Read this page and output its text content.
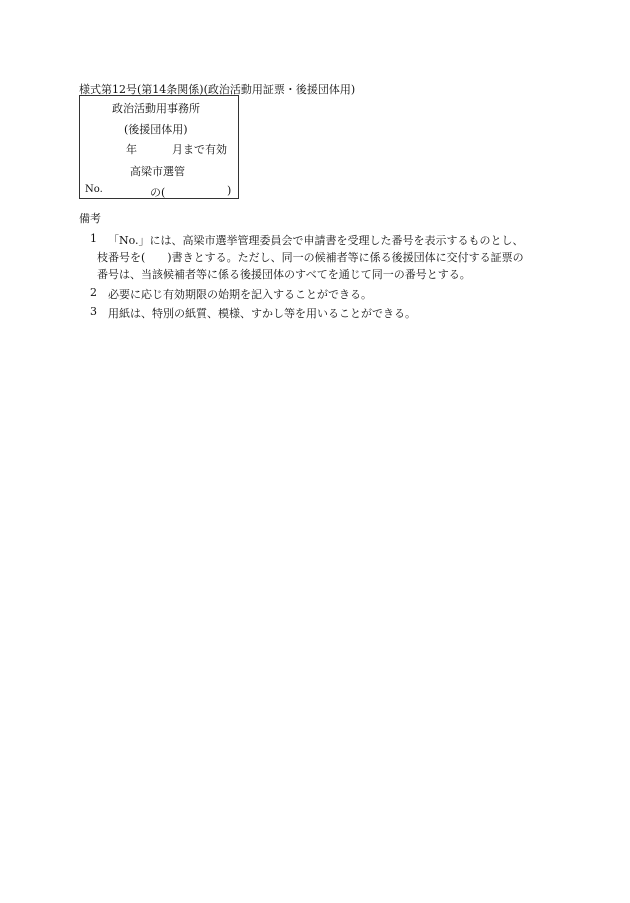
様式第12号(第14条関係)(政治活動用証票・後援団体用)
政治活動用事務所
(後援団体用)
年	月まで有効
高梁市選管
No.	の(	)
備考
1 「No.」には、高梁市選挙管理委員会で申請書を受理した番号を表示するものとし、
枝番号を(　　)書きとする。ただし、同一の候補者等に係る後援団体に交付する証票の
番号は、当該候補者等に係る後援団体のすべてを通じて同一の番号とする。
2 必要に応じ有効期限の始期を記入することができる。
3 用紙は、特別の紙質、模様、すかし等を用いることができる。
